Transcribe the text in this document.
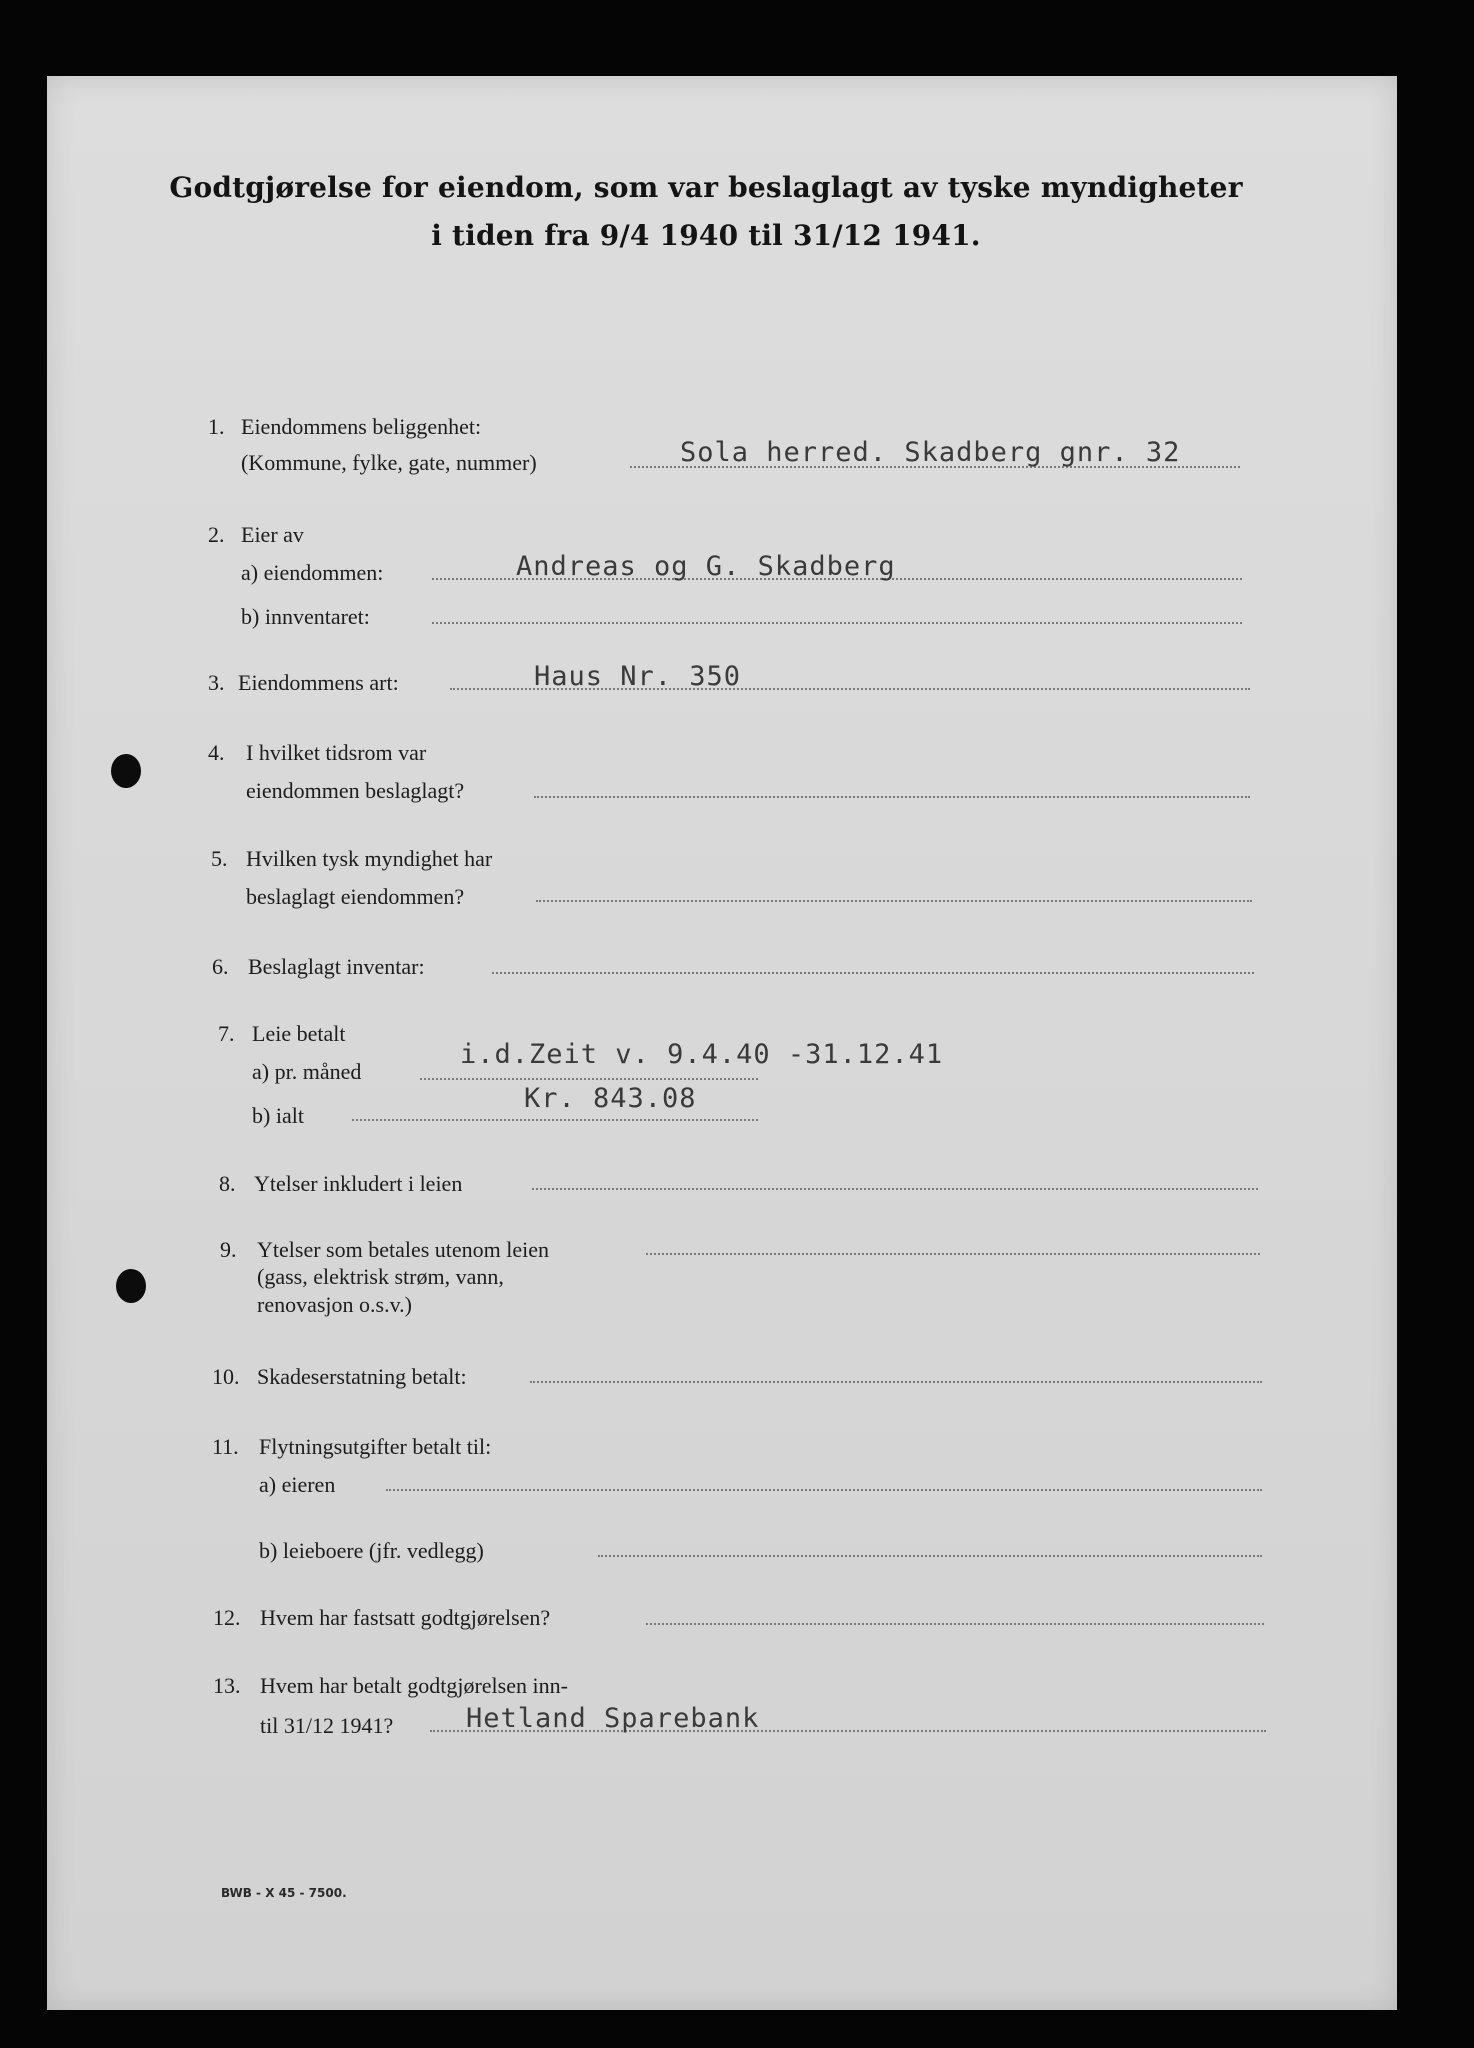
Godtgjørelse for eiendom, som var beslaglagt av tyske myndigheter
i tiden fra 9/4 1940 til 31/12 1941.
1. Eiendommens beliggenhet:
(Kommune, fylke, gate, nummer)	Sola herred. Skadberg gnr. 32
2. Eier av
a) eiendommen:	Andreas og G. Skadberg
b) innventaret:
3. Eiendommens art:	Haus Nr. 350
4. I hvilket tidsrom var
eiendommen beslaglagt?
5. Hvilken tysk myndighet har
beslaglagt eiendommen?
6. Beslaglagt inventar:
7. Leie betalt
a) pr. måned
i.d.Zeit v. 9.4.40 -31.12.41
b) ialt
Kr. 843.08
8. Ytelser inkludert i leien
9. Ytelser som betales utenom leien
(gass, elektrisk strøm, vann,
renovasjon o.s.v.)
10. Skadeserstatning betalt:
11. Flytningsutgifter betalt til:
a) eieren
b) leieboere (jfr. vedlegg)
12. Hvem har fastsatt godtgjørelsen?
13. Hvem har betalt godtgjørelsen inn-
til 31/12 1941?	Hetland Sparebank
BWB - X 45 - 7500.
